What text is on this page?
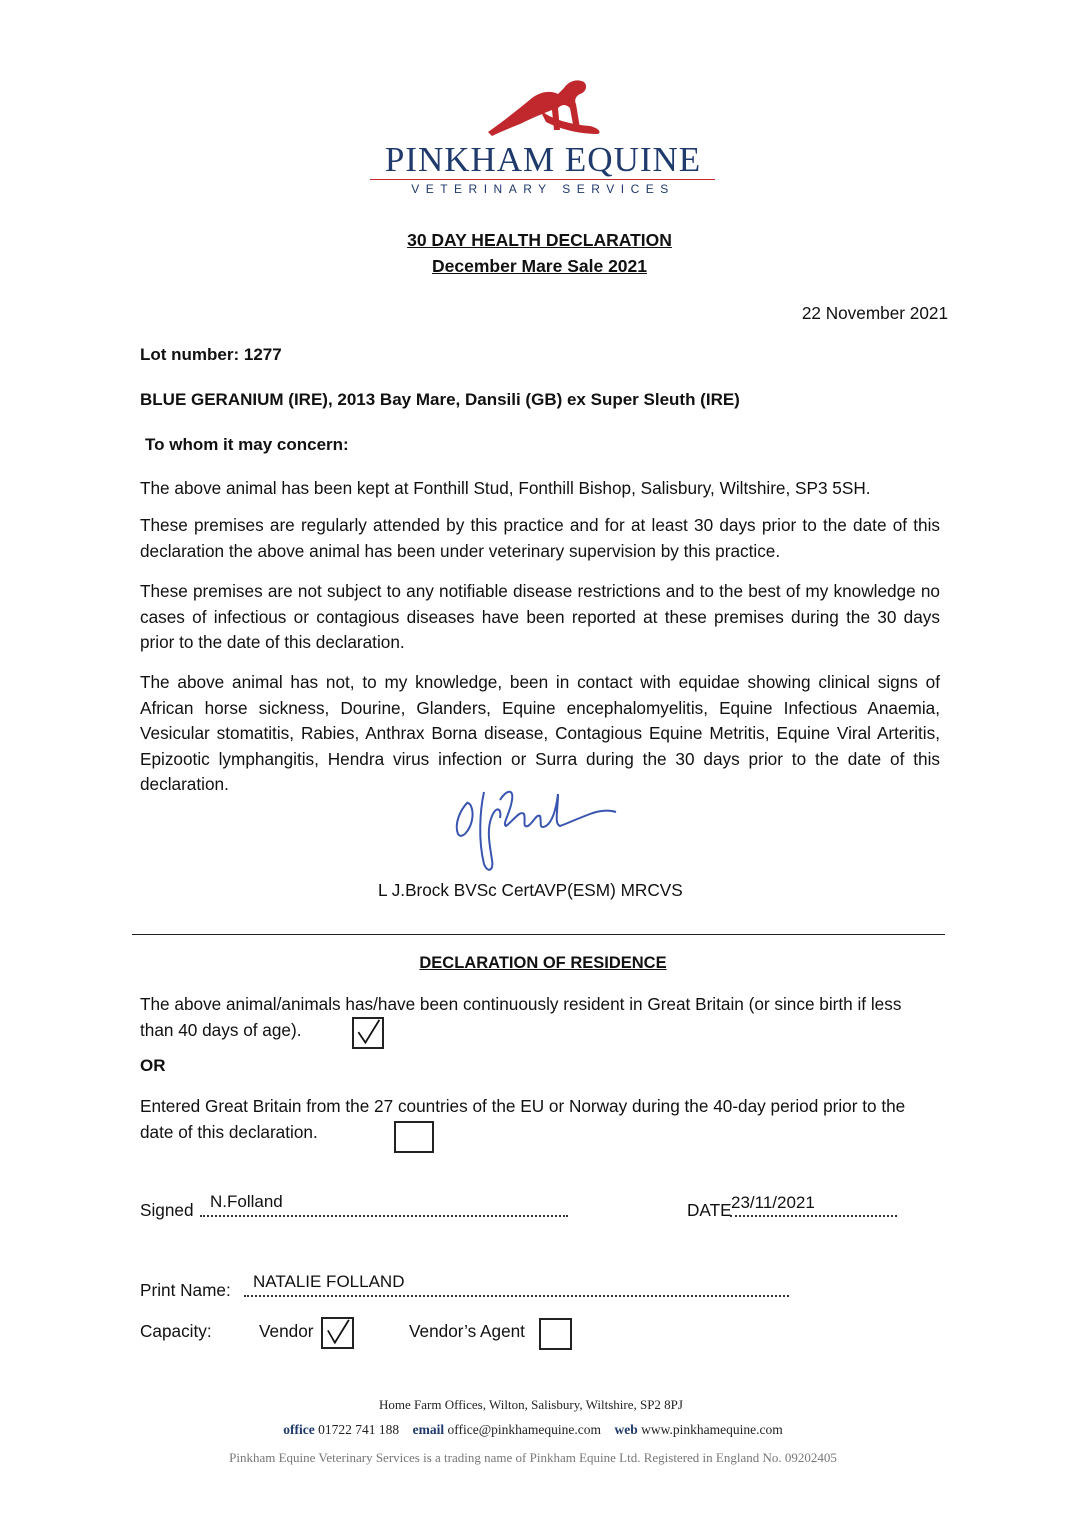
PINKHAM EQUINE
VETERINARY SERVICES
30 DAY HEALTH DECLARATION
December Mare Sale 2021
22 November 2021
Lot number: 1277
BLUE GERANIUM (IRE), 2013 Bay Mare, Dansili (GB) ex Super Sleuth (IRE)
To whom it may concern:
The above animal has been kept at Fonthill Stud, Fonthill Bishop, Salisbury, Wiltshire, SP3 5SH.
These premises are regularly attended by this practice and for at least 30 days prior to the date of this declaration the above animal has been under veterinary supervision by this practice.
These premises are not subject to any notifiable disease restrictions and to the best of my knowledge no cases of infectious or contagious diseases have been reported at these premises during the 30 days prior to the date of this declaration.
The above animal has not, to my knowledge, been in contact with equidae showing clinical signs of African horse sickness, Dourine, Glanders, Equine encephalomyelitis, Equine Infectious Anaemia, Vesicular stomatitis, Rabies, Anthrax Borna disease, Contagious Equine Metritis, Equine Viral Arteritis, Epizootic lymphangitis, Hendra virus infection or Surra during the 30 days prior to the date of this declaration.
L J.Brock BVSc CertAVP(ESM) MRCVS
DECLARATION OF RESIDENCE
The above animal/animals has/have been continuously resident in Great Britain (or since birth if less than 40 days of age).
OR
Entered Great Britain from the 27 countries of the EU or Norway during the 40-day period prior to the date of this declaration.
Signed N.Folland	DATE 23/11/2021
Print Name: NATALIE FOLLAND
Capacity:	Vendor	Vendor’s Agent
Home Farm Offices, Wilton, Salisbury, Wiltshire, SP2 8PJ
office 01722 741 188 email office@pinkhamequine.com web www.pinkhamequine.com
Pinkham Equine Veterinary Services is a trading name of Pinkham Equine Ltd. Registered in England No. 09202405
